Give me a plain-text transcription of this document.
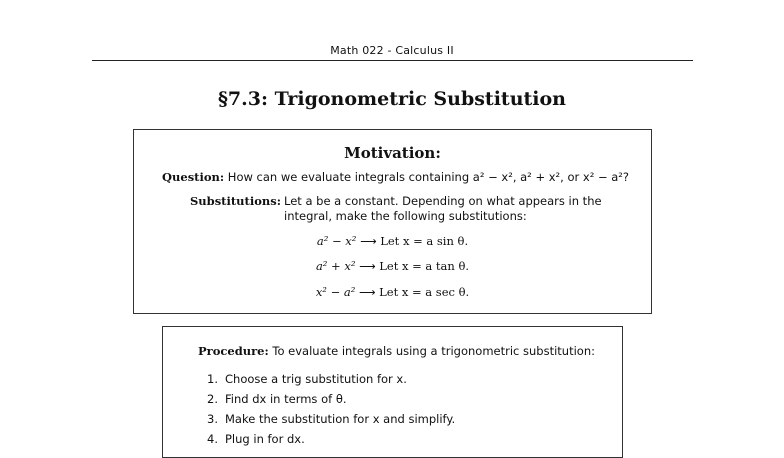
Math 022 - Calculus II
§7.3: Trigonometric Substitution
Motivation:
Question: How can we evaluate integrals containing a² − x², a² + x², or x² − a²?
Substitutions: Let a be a constant. Depending on what appears in the
integral, make the following substitutions:
a² − x² ⟶ Let x = a sin θ.
a² + x² ⟶ Let x = a tan θ.
x² − a² ⟶ Let x = a sec θ.
Procedure: To evaluate integrals using a trigonometric substitution:
1. Choose a trig substitution for x.
2. Find dx in terms of θ.
3. Make the substitution for x and simplify.
4. Plug in for dx.
